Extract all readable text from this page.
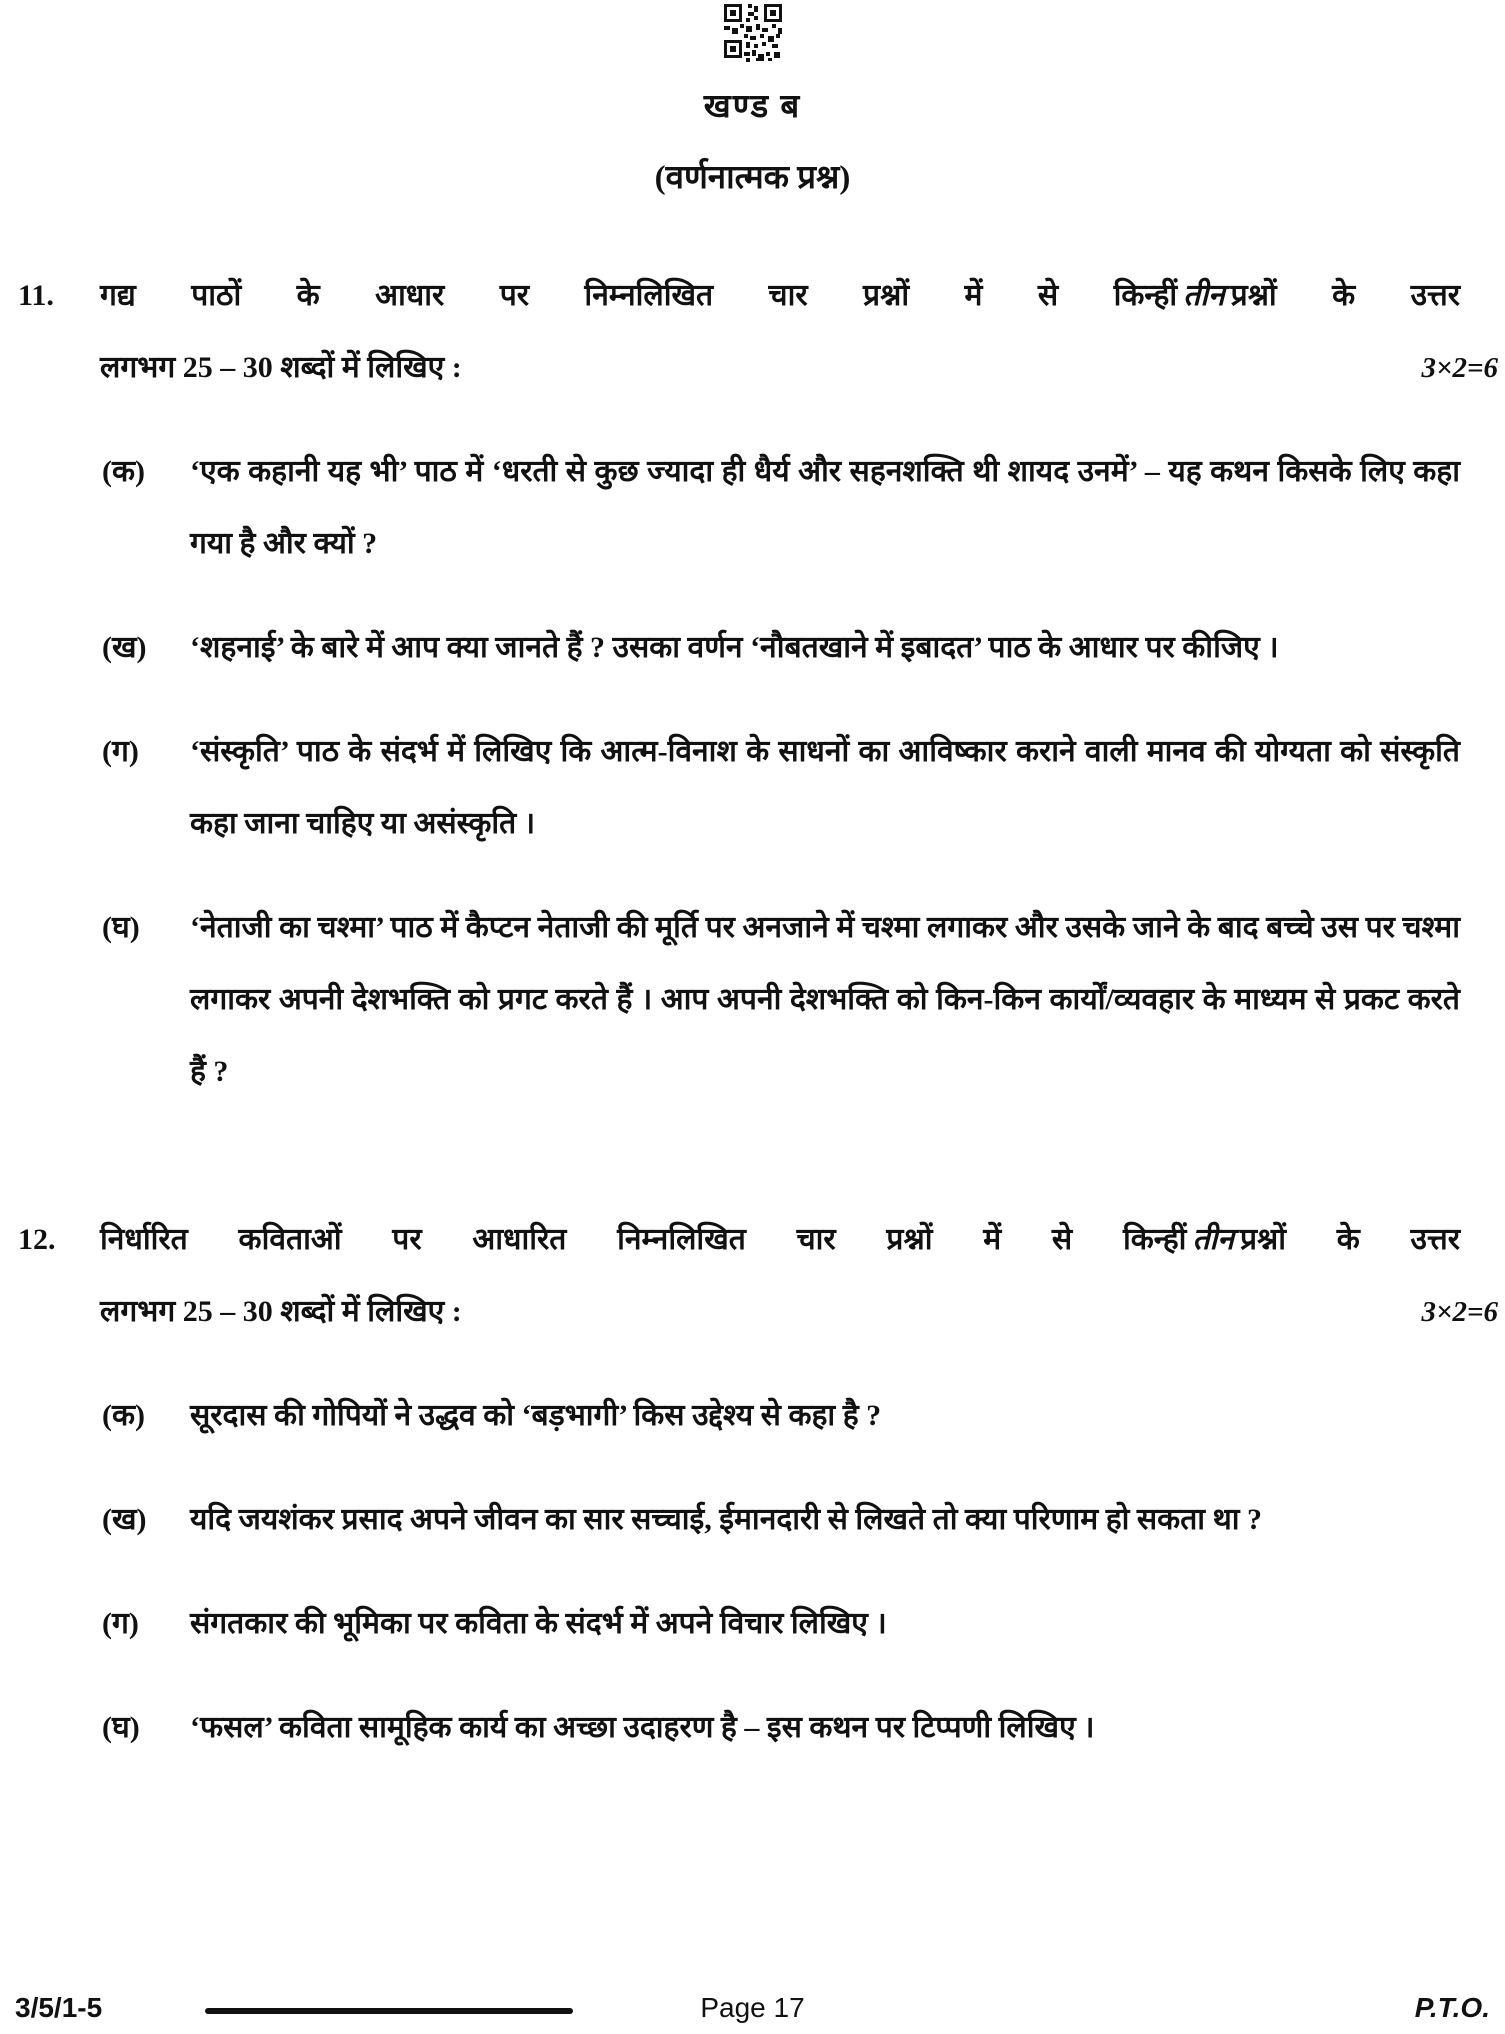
खण्ड ब
(वर्णनात्मक प्रश्न)
11. गद्य पाठों के आधार पर निम्नलिखित चार प्रश्नों में से किन्हीं तीन प्रश्नों के उत्तर
लगभग 25 – 30 शब्दों में लिखिए :	3×2=6
(क) ‘एक कहानी यह भी’ पाठ में ‘धरती से कुछ ज्यादा ही धैर्य और सहनशक्ति थी शायद उनमें’ – यह कथन किसके लिए कहा गया है और क्यों ?
(ख) ‘शहनाई’ के बारे में आप क्या जानते हैं ? उसका वर्णन ‘नौबतखाने में इबादत’ पाठ के आधार पर कीजिए ।
(ग) ‘संस्कृति’ पाठ के संदर्भ में लिखिए कि आत्म-विनाश के साधनों का आविष्कार कराने वाली मानव की योग्यता को संस्कृति कहा जाना चाहिए या असंस्कृति ।
(घ) ‘नेताजी का चश्मा’ पाठ में कैप्टन नेताजी की मूर्ति पर अनजाने में चश्मा लगाकर और उसके जाने के बाद बच्चे उस पर चश्मा लगाकर अपनी देशभक्ति को प्रगट करते हैं । आप अपनी देशभक्ति को किन-किन कार्यों/व्यवहार के माध्यम से प्रकट करते हैं ?
12. निर्धारित कविताओं पर आधारित निम्नलिखित चार प्रश्नों में से किन्हीं तीन प्रश्नों के उत्तर
लगभग 25 – 30 शब्दों में लिखिए :	3×2=6
(क) सूरदास की गोपियों ने उद्धव को ‘बड़भागी’ किस उद्देश्य से कहा है ?
(ख) यदि जयशंकर प्रसाद अपने जीवन का सार सच्चाई, ईमानदारी से लिखते तो क्या परिणाम हो सकता था ?
(ग) संगतकार की भूमिका पर कविता के संदर्भ में अपने विचार लिखिए ।
(घ) ‘फसल’ कविता सामूहिक कार्य का अच्छा उदाहरण है – इस कथन पर टिप्पणी लिखिए ।
3/5/1-5	Page 17	P.T.O.
